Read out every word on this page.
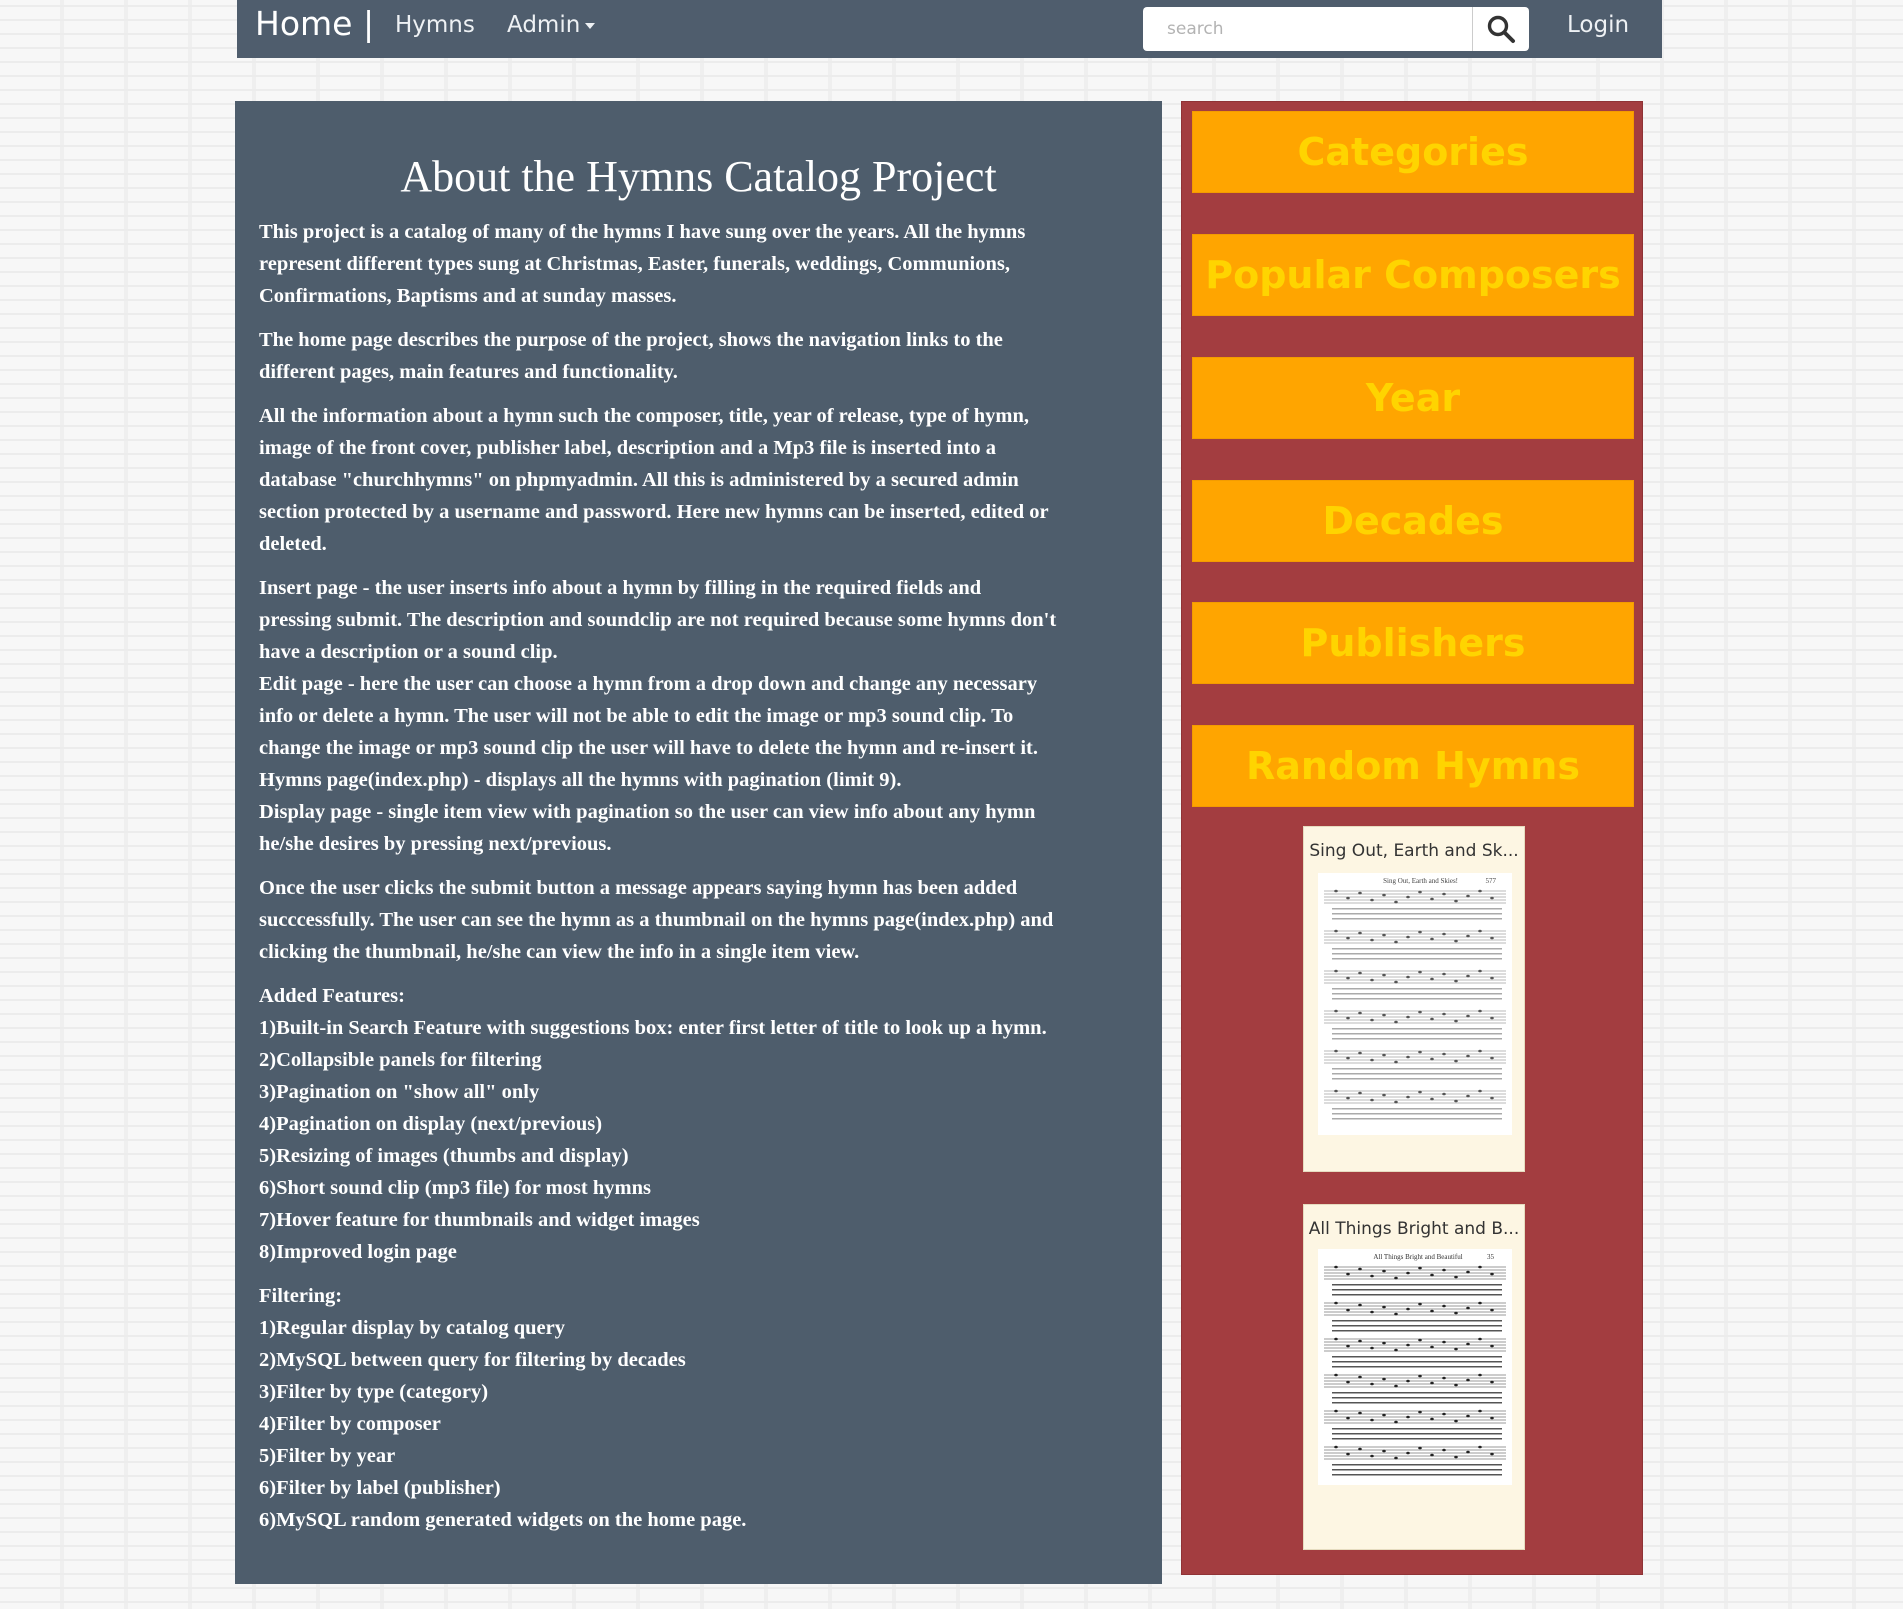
Home | Hymns Admin
search	Login
About the Hymns Catalog Project

This project is a catalog of many of the hymns I have sung over the years. All the hymns
represent different types sung at Christmas, Easter, funerals, weddings, Communions,
Confirmations, Baptisms and at sunday masses.

The home page describes the purpose of the project, shows the navigation links to the
different pages, main features and functionality.

All the information about a hymn such the composer, title, year of release, type of hymn,
image of the front cover, publisher label, description and a Mp3 file is inserted into a
database "churchhymns" on phpmyadmin. All this is administered by a secured admin
section protected by a username and password. Here new hymns can be inserted, edited or
deleted.

Insert page - the user inserts info about a hymn by filling in the required fields and
pressing submit. The description and soundclip are not required because some hymns don't
have a description or a sound clip.
Edit page - here the user can choose a hymn from a drop down and change any necessary
info or delete a hymn. The user will not be able to edit the image or mp3 sound clip. To
change the image or mp3 sound clip the user will have to delete the hymn and re-insert it.
Hymns page(index.php) - displays all the hymns with pagination (limit 9).
Display page - single item view with pagination so the user can view info about any hymn
he/she desires by pressing next/previous.

Once the user clicks the submit button a message appears saying hymn has been added
succcessfully. The user can see the hymn as a thumbnail on the hymns page(index.php) and
clicking the thumbnail, he/she can view the info in a single item view.

Added Features:
1)Built-in Search Feature with suggestions box: enter first letter of title to look up a hymn.
2)Collapsible panels for filtering
3)Pagination on "show all" only
4)Pagination on display (next/previous)
5)Resizing of images (thumbs and display)
6)Short sound clip (mp3 file) for most hymns
7)Hover feature for thumbnails and widget images
8)Improved login page

Filtering:
1)Regular display by catalog query
2)MySQL between query for filtering by decades
3)Filter by type (category)
4)Filter by composer
5)Filter by year
6)Filter by label (publisher)
6)MySQL random generated widgets on the home page.

Categories
Popular Composers
Year
Decades
Publishers
Random Hymns
Sing Out, Earth and Sk...
Sing Out, Earth and Skies!	577
All Things Bright and B...
All Things Bright and Beautiful	35
